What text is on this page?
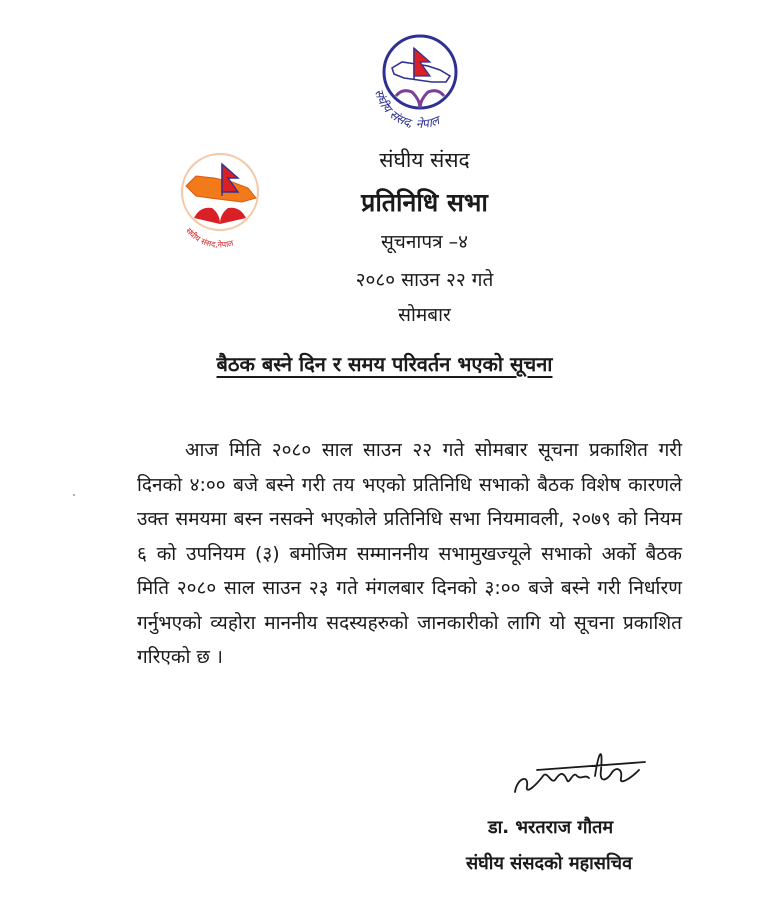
संघीय संसद, नेपाल
संघीय संसद,नेपाल
संघीय संसद
प्रतिनिधि सभा
सूचनापत्र –४
२०८० साउन २२ गते
सोमबार
बैठक बस्ने दिन र समय परिवर्तन भएको सूचना

आज मिति २०८० साल साउन २२ गते सोमबार सूचना प्रकाशित गरी दिनको ४:०० बजे बस्ने गरी तय भएको प्रतिनिधि सभाको बैठक विशेष कारणले उक्त समयमा बस्न नसक्ने भएकोले प्रतिनिधि सभा नियमावली, २०७९ को नियम ६ को उपनियम (३) बमोजिम सम्माननीय सभामुखज्यूले सभाको अर्को बैठक मिति २०८० साल साउन २३ गते मंगलबार दिनको ३:०० बजे बस्ने गरी निर्धारण गर्नुभएको व्यहोरा माननीय सदस्यहरुको जानकारीको लागि यो सूचना प्रकाशित गरिएको छ ।

डा. भरतराज गौतम
संघीय संसदको महासचिव
